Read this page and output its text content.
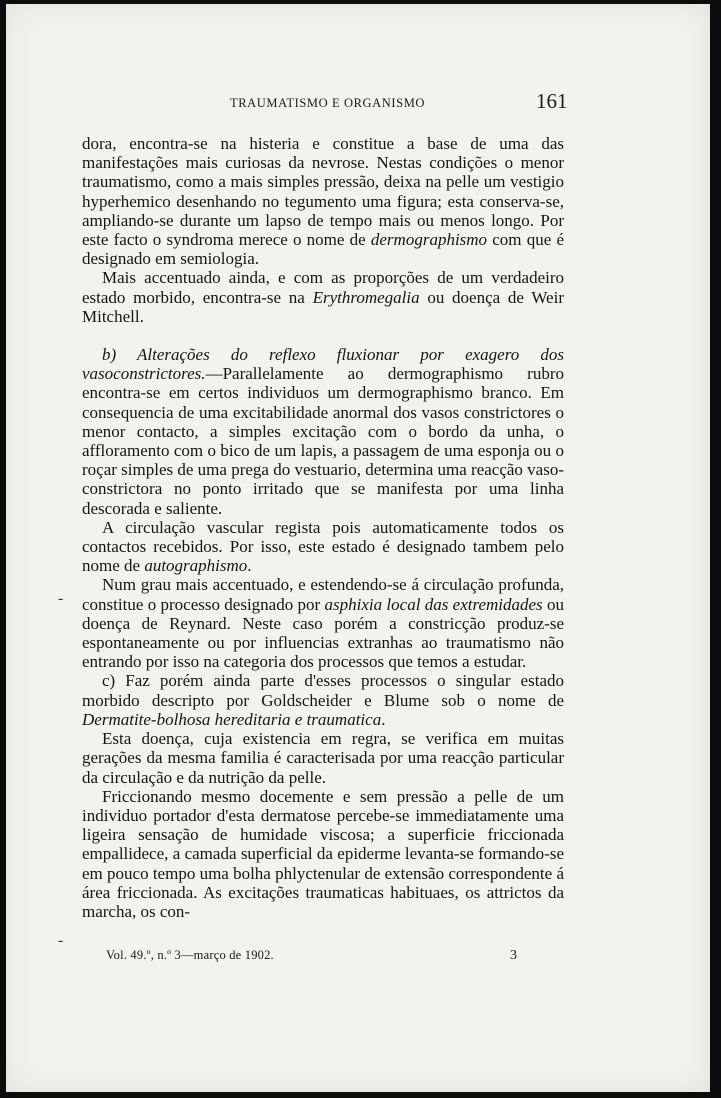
TRAUMATISMO E ORGANISMO	161

dora, encontra-se na histeria e constitue a base de uma das manifestações mais curiosas da nevrose. Nestas condições o menor traumatismo, como a mais simples pressão, deixa na pelle um vestigio hyperhemico desenhando no tegumento uma figura; esta conserva-se, ampliando-se durante um lapso de tempo mais ou menos longo. Por este facto o syndroma merece o nome de dermographismo com que é designado em semiologia.

Mais accentuado ainda, e com as proporções de um verdadeiro estado morbido, encontra-se na Erythromegalia ou doença de Weir Mitchell.

b) Alterações do reflexo fluxionar por exagero dos vasoconstrictores.—Parallelamente ao dermographismo rubro encontra-se em certos individuos um dermographismo branco. Em consequencia de uma excitabilidade anormal dos vasos constrictores o menor contacto, a simples excitação com o bordo da unha, o affloramento com o bico de um lapis, a passagem de uma esponja ou o roçar simples de uma prega do vestuario, determina uma reacção vaso-constrictora no ponto irritado que se manifesta por uma linha descorada e saliente.

A circulação vascular regista pois automaticamente todos os contactos recebidos. Por isso, este estado é designado tambem pelo nome de autographismo.

Num grau mais accentuado, e estendendo-se á circulação profunda, constitue o processo designado por asphixia local das extremidades ou doença de Reynard. Neste caso porém a constricção produz-se espontaneamente ou por influencias extranhas ao traumatismo não entrando por isso na categoria dos processos que temos a estudar.

c) Faz porém ainda parte d'esses processos o singular estado morbido descripto por Goldscheider e Blume sob o nome de Dermatite-bolhosa hereditaria e traumatica.

Esta doença, cuja existencia em regra, se verifica em muitas gerações da mesma familia é caracterisada por uma reacção particular da circulação e da nutrição da pelle.

Friccionando mesmo docemente e sem pressão a pelle de um individuo portador d'esta dermatose percebe-se immediatamente uma ligeira sensação de humidade viscosa; a superficie friccionada empallidece, a camada superficial da epiderme levanta-se formando-se em pouco tempo uma bolha phlyctenular de extensão correspondente á área friccionada. As excitações traumaticas habituaes, os attrictos da marcha, os con-

Vol. 49.º, n.º 3—março de 1902.	3
-
-
